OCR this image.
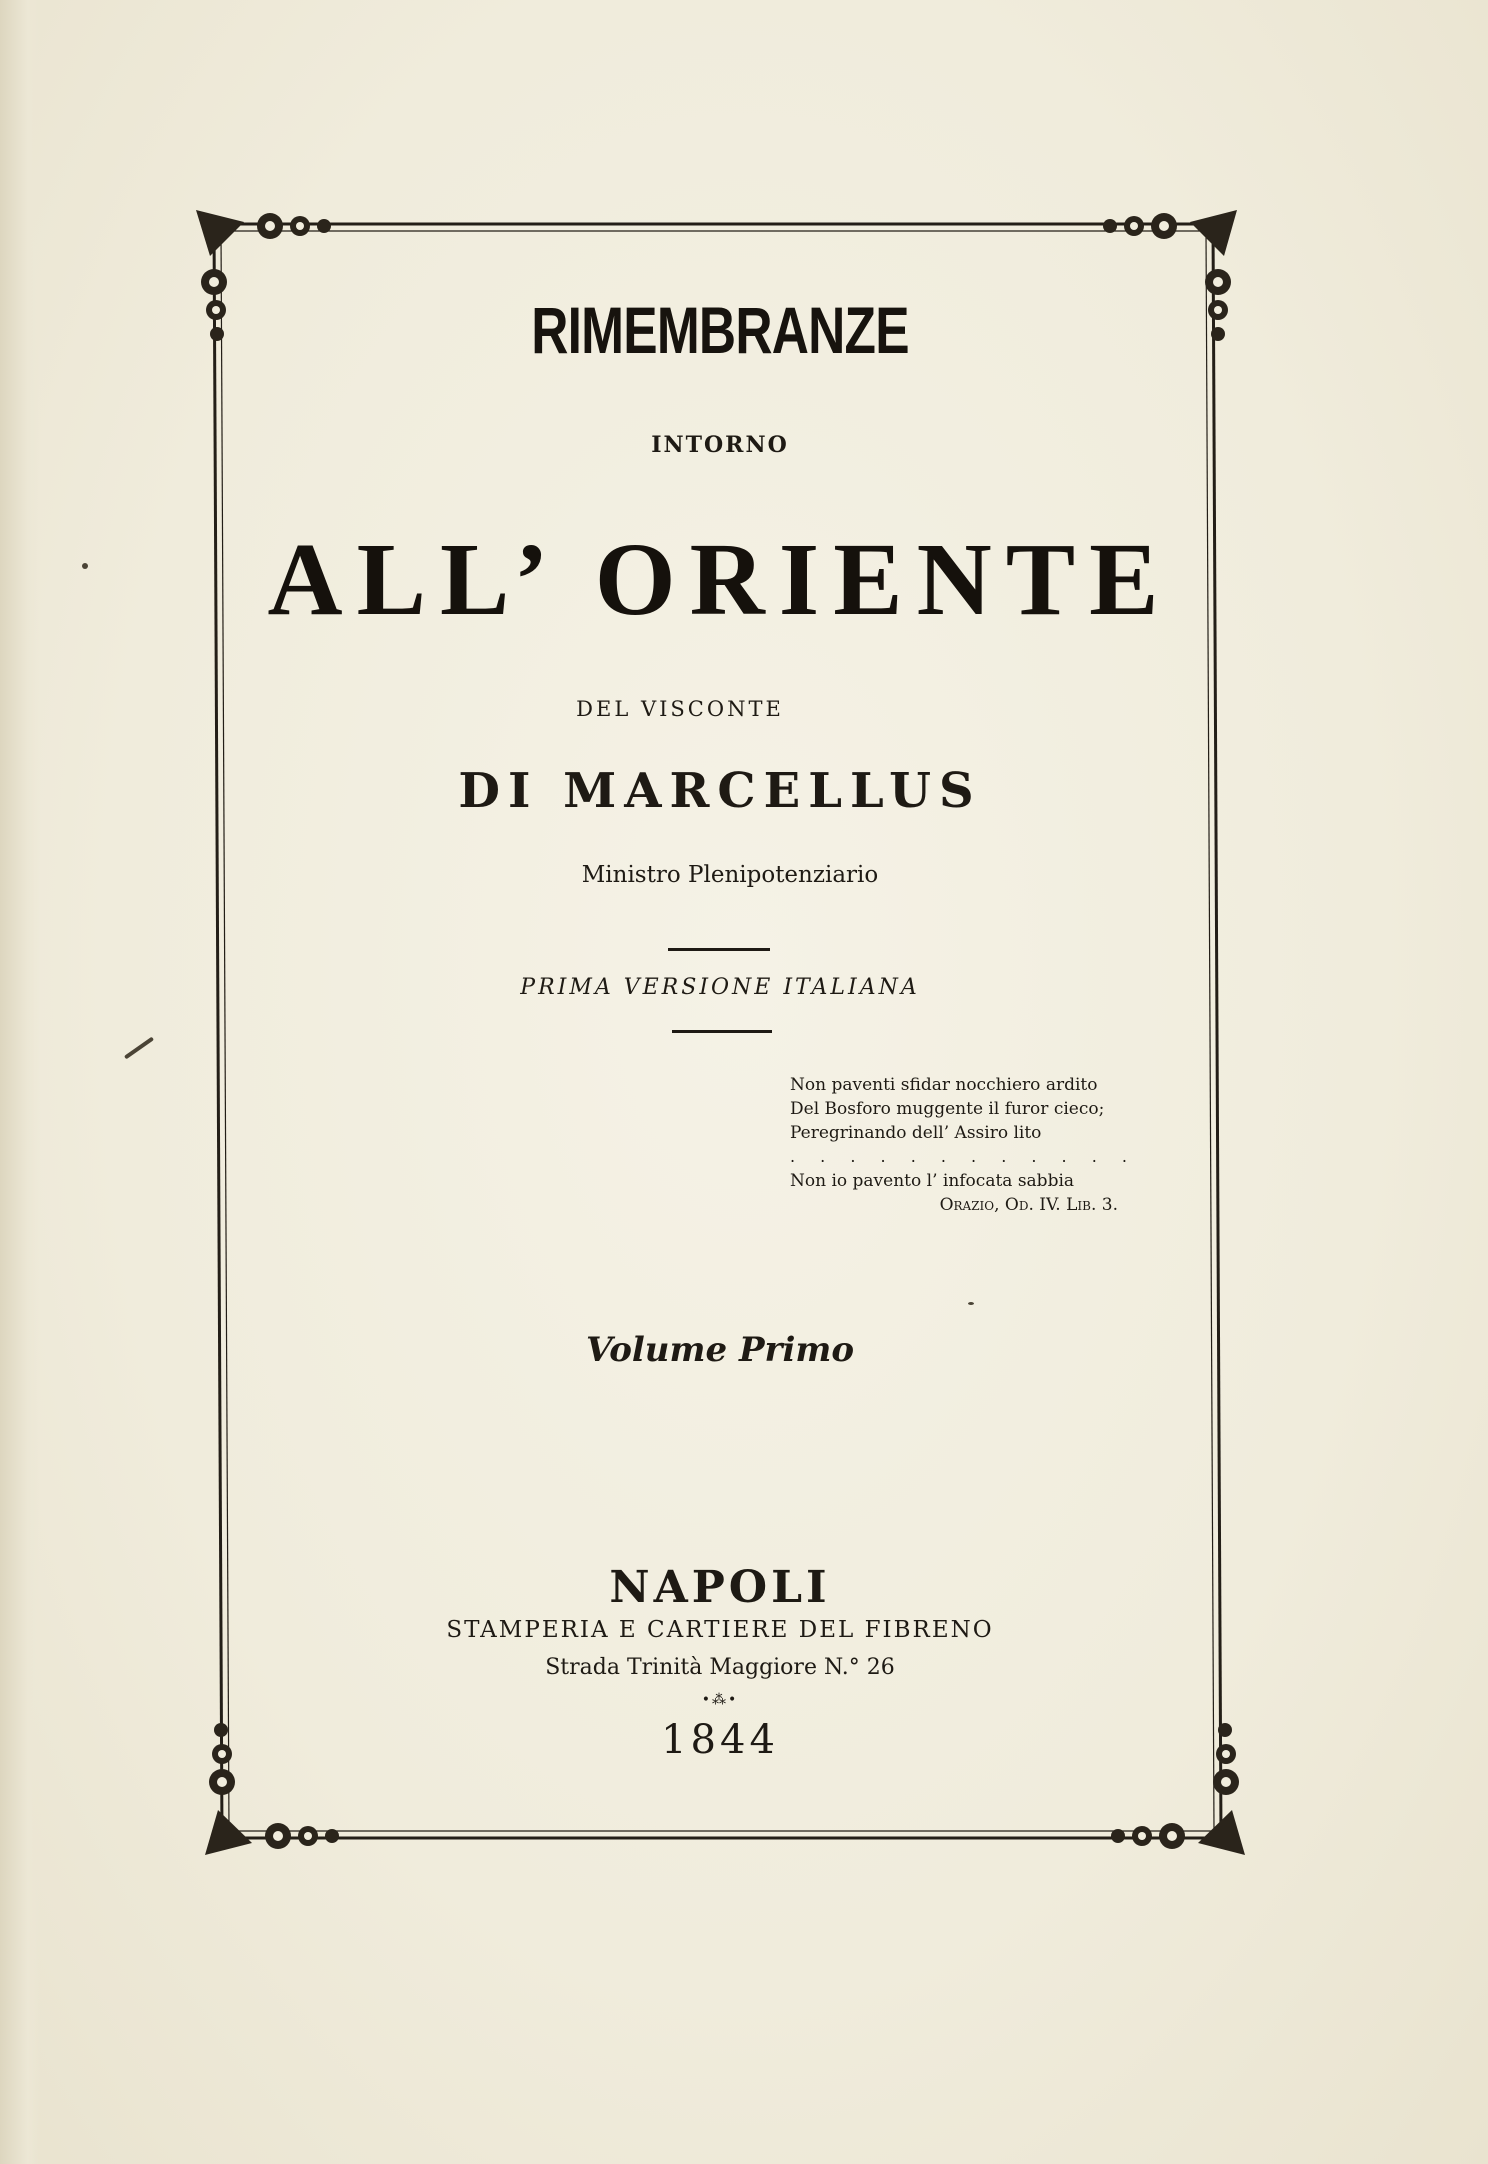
RIMEMBRANZE
INTORNO
ALL’ ORIENTE
DEL VISCONTE
DI MARCELLUS
Ministro Plenipotenziario
PRIMA VERSIONE ITALIANA
Non paventi sfidar nocchiero ardito
Del Bosforo muggente il furor cieco;
Peregrinando dell’ Assiro lito
. . . . . . . . . . . .
Non io pavento l’ infocata sabbia
Orazio, Od. IV. Lib. 3.
Volume Primo
NAPOLI
STAMPERIA E CARTIERE DEL FIBRENO
Strada Trinità Maggiore N.° 26
•⁂•
1844
